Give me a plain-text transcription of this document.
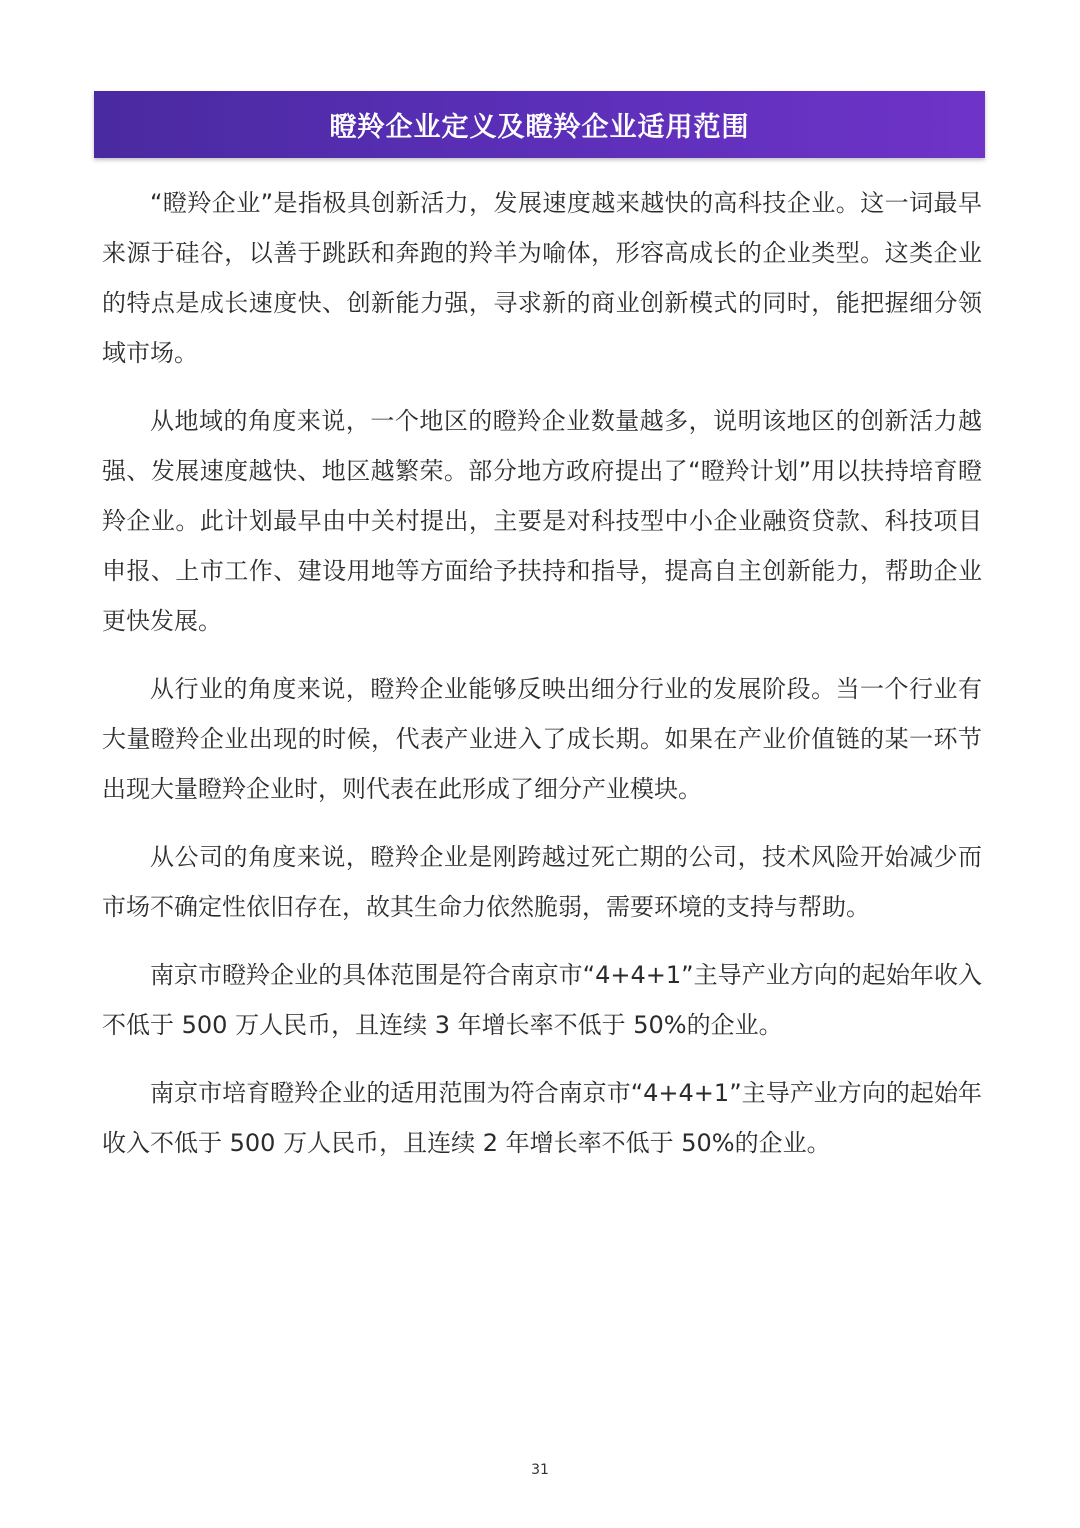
瞪羚企业定义及瞪羚企业适用范围

“瞪羚企业”是指极具创新活力，发展速度越来越快的高科技企业。这一词最早来源于硅谷，以善于跳跃和奔跑的羚羊为喻体，形容高成长的企业类型。这类企业的特点是成长速度快、创新能力强，寻求新的商业创新模式的同时，能把握细分领域市场。

从地域的角度来说，一个地区的瞪羚企业数量越多，说明该地区的创新活力越强、发展速度越快、地区越繁荣。部分地方政府提出了“瞪羚计划”用以扶持培育瞪羚企业。此计划最早由中关村提出，主要是对科技型中小企业融资贷款、科技项目申报、上市工作、建设用地等方面给予扶持和指导，提高自主创新能力，帮助企业更快发展。

从行业的角度来说，瞪羚企业能够反映出细分行业的发展阶段。当一个行业有大量瞪羚企业出现的时候，代表产业进入了成长期。如果在产业价值链的某一环节出现大量瞪羚企业时，则代表在此形成了细分产业模块。

从公司的角度来说，瞪羚企业是刚跨越过死亡期的公司，技术风险开始减少而市场不确定性依旧存在，故其生命力依然脆弱，需要环境的支持与帮助。

南京市瞪羚企业的具体范围是符合南京市“4+4+1”主导产业方向的起始年收入不低于 500 万人民币，且连续 3 年增长率不低于 50%的企业。

南京市培育瞪羚企业的适用范围为符合南京市“4+4+1”主导产业方向的起始年收入不低于 500 万人民币，且连续 2 年增长率不低于 50%的企业。

31
